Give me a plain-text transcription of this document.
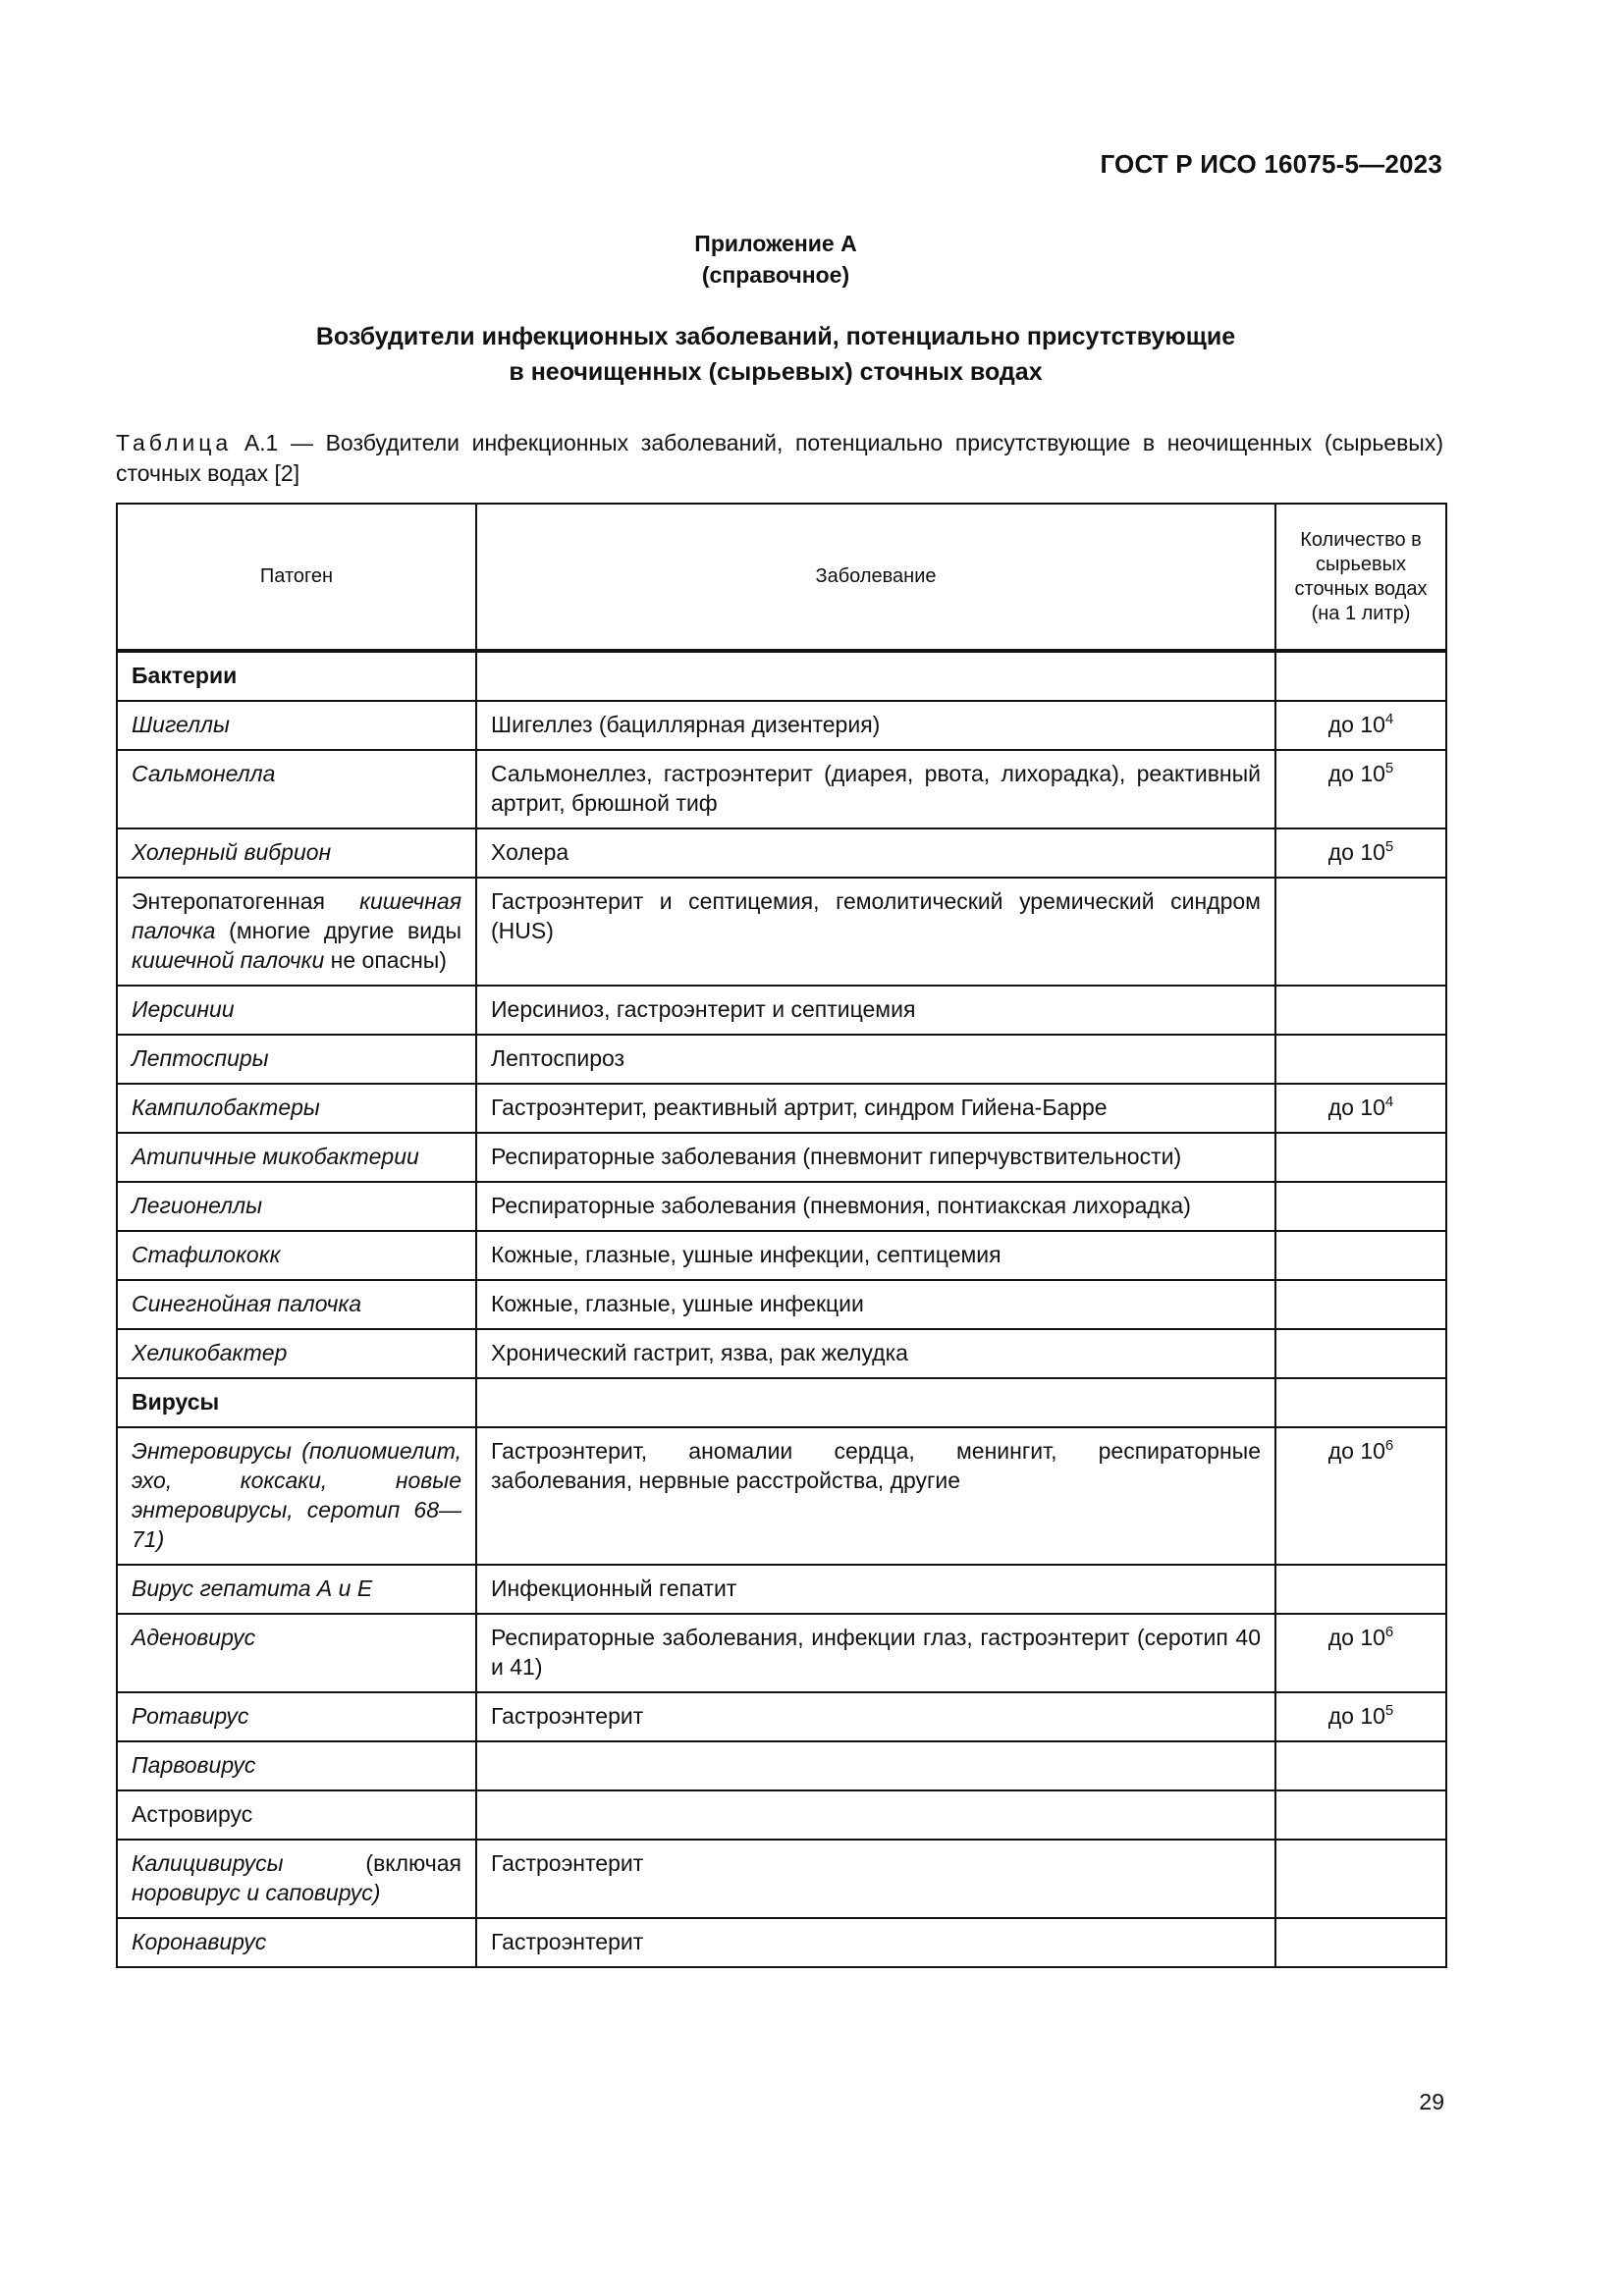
ГОСТ Р ИСО 16075-5—2023
Приложение А
(справочное)
Возбудители инфекционных заболеваний, потенциально присутствующие
в неочищенных (сырьевых) сточных водах
Таблица А.1 — Возбудители инфекционных заболеваний, потенциально присутствующие в неочищенных (сырьевых) сточных водах [2]
Патоген	Заболевание	Количество в сырьевых сточных водах (на 1 литр)
Бактерии		
Шигеллы	Шигеллез (бациллярная дизентерия)	до $10^4$
Сальмонелла	Сальмонеллез, гастроэнтерит (диарея, рвота, лихорадка), реактивный артрит, брюшной тиф	до $10^5$
Холерный вибрион	Холера	до $10^5$
Энтеропатогенная кишечная палочка (многие другие виды кишечной палочки не опасны)	Гастроэнтерит и септицемия, гемолитический уремический синдром (HUS)	
Иерсинии	Иерсиниоз, гастроэнтерит и септицемия	
Лептоспиры	Лептоспироз	
Кампилобактеры	Гастроэнтерит, реактивный артрит, синдром Гийена-Барре	до $10^4$
Атипичные микобактерии	Респираторные заболевания (пневмонит гиперчувствительности)	
Легионеллы	Респираторные заболевания (пневмония, понтиакская лихорадка)	
Стафилококк	Кожные, глазные, ушные инфекции, септицемия	
Синегнойная палочка	Кожные, глазные, ушные инфекции	
Хеликобактер	Хронический гастрит, язва, рак желудка	
Вирусы		
Энтеровирусы (полиомиелит, эхо, коксаки, новые энтеровирусы, серотип 68—71)	Гастроэнтерит, аномалии сердца, менингит, респираторные заболевания, нервные расстройства, другие	до $10^6$
Вирус гепатита А и Е	Инфекционный гепатит	
Аденовирус	Респираторные заболевания, инфекции глаз, гастроэнтерит (серотип 40 и 41)	до $10^6$
Ротавирус	Гастроэнтерит	до $10^5$
Парвовирус		
Астровирус		
Калицивирусы (включая норовирус и саповирус)	Гастроэнтерит	
Коронавирус	Гастроэнтерит	
29
